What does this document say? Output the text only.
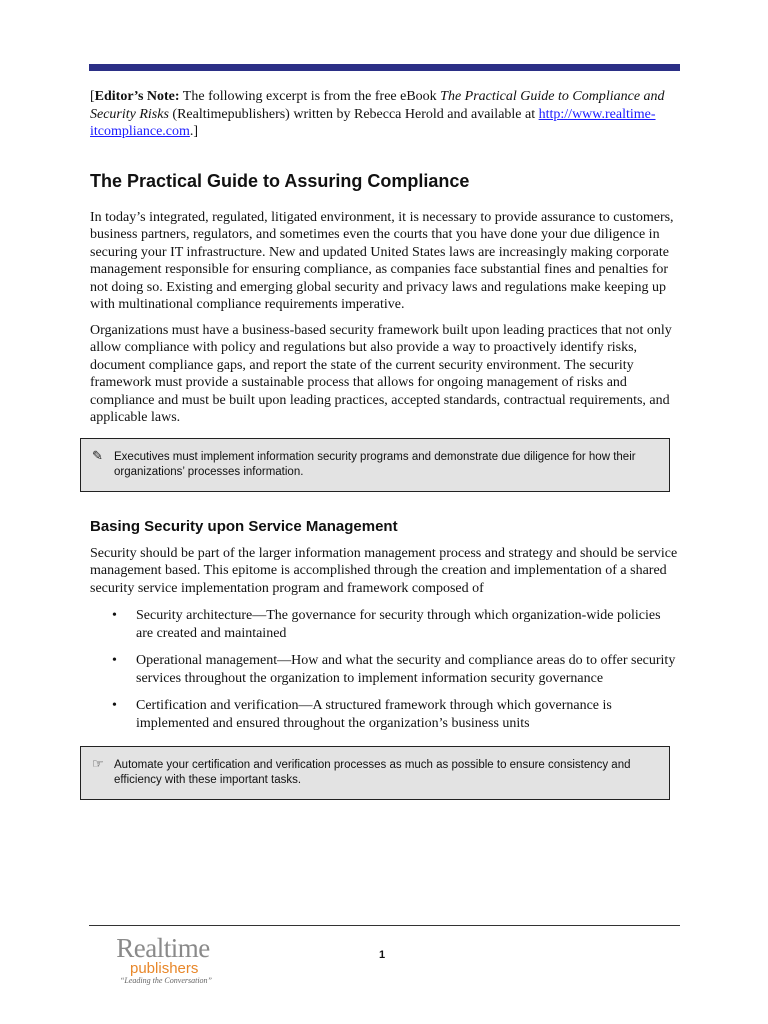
[Editor’s Note: The following excerpt is from the free eBook The Practical Guide to Compliance and Security Risks (Realtimepublishers) written by Rebecca Herold and available at http://www.realtime-itcompliance.com.]

The Practical Guide to Assuring Compliance

In today’s integrated, regulated, litigated environment, it is necessary to provide assurance to customers, business partners, regulators, and sometimes even the courts that you have done your due diligence in securing your IT infrastructure. New and updated United States laws are increasingly making corporate management responsible for ensuring compliance, as companies face substantial fines and penalties for not doing so. Existing and emerging global security and privacy laws and regulations make keeping up with multinational compliance requirements imperative.

Organizations must have a business-based security framework built upon leading practices that not only allow compliance with policy and regulations but also provide a way to proactively identify risks, document compliance gaps, and report the state of the current security environment. The security framework must provide a sustainable process that allows for ongoing management of risks and compliance and must be built upon leading practices, accepted standards, contractual requirements, and applicable laws.

✎ Executives must implement information security programs and demonstrate due diligence for how their organizations’ processes information.
Basing Security upon Service Management

Security should be part of the larger information management process and strategy and should be service management based. This epitome is accomplished through the creation and implementation of a shared security service implementation program and framework composed of

• Security architecture—The governance for security through which organization-wide policies are created and maintained
• Operational management—How and what the security and compliance areas do to offer security services throughout the organization to implement information security governance
• Certification and verification—A structured framework through which governance is implemented and ensured throughout the organization’s business units
☞ Automate your certification and verification processes as much as possible to ensure consistency and efficiency with these important tasks.
Realtime
publishers
“Leading the Conversation”
1
